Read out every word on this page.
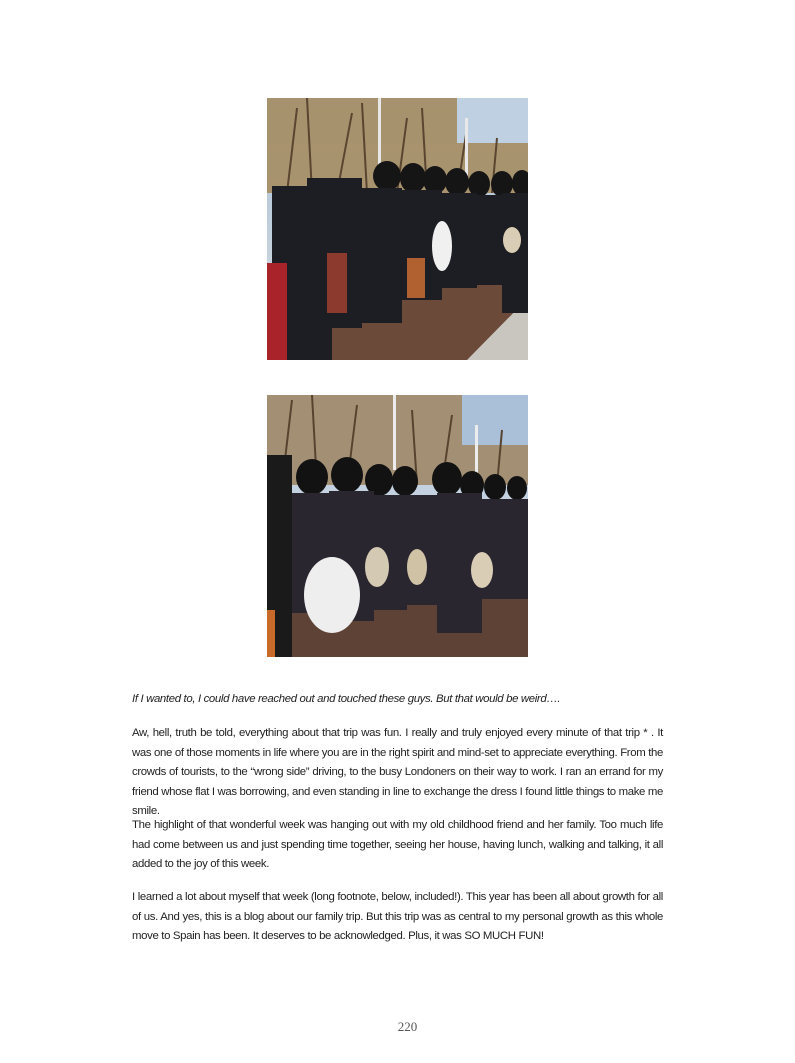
If I wanted to, I could have reached out and touched these guys. But that would be weird….

Aw, hell, truth be told, everything about that trip was fun. I really and truly enjoyed every minute of that trip * . It was one of those moments in life where you are in the right spirit and mind-set to appreciate everything. From the crowds of tourists, to the “wrong side” driving, to the busy Londoners on their way to work. I ran an errand for my friend whose flat I was borrowing, and even standing in line to exchange the dress I found little things to make me smile.

The highlight of that wonderful week was hanging out with my old childhood friend and her family. Too much life had come between us and just spending time together, seeing her house, having lunch, walking and talking, it all added to the joy of this week.

I learned a lot about myself that week (long footnote, below, included!). This year has been all about growth for all of us. And yes, this is a blog about our family trip. But this trip was as central to my personal growth as this whole move to Spain has been. It deserves to be acknowledged. Plus, it was SO MUCH FUN!

220
